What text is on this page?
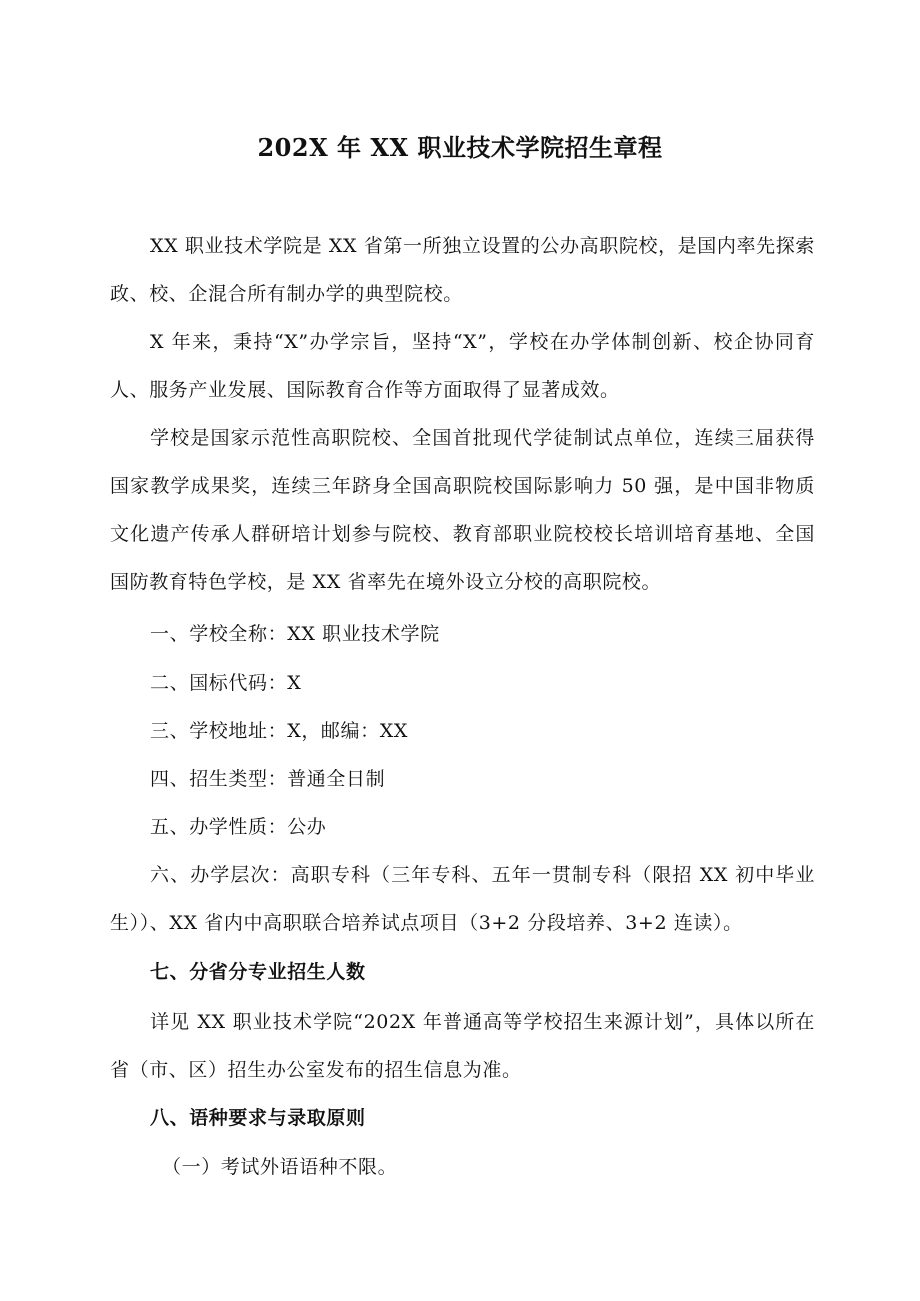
202X 年 XX 职业技术学院招生章程
XX 职业技术学院是 XX 省第一所独立设置的公办高职院校，是国内率先探索政、校、企混合所有制办学的典型院校。
X 年来，秉持“X”办学宗旨，坚持“X”，学校在办学体制创新、校企协同育人、服务产业发展、国际教育合作等方面取得了显著成效。
学校是国家示范性高职院校、全国首批现代学徒制试点单位，连续三届获得国家教学成果奖，连续三年跻身全国高职院校国际影响力 50 强，是中国非物质文化遗产传承人群研培计划参与院校、教育部职业院校校长培训培育基地、全国国防教育特色学校，是 XX 省率先在境外设立分校的高职院校。
一、学校全称：XX 职业技术学院
二、国标代码：X
三、学校地址：X，邮编：XX
四、招生类型：普通全日制
五、办学性质：公办
六、办学层次：高职专科（三年专科、五年一贯制专科（限招 XX 初中毕业生））、XX 省内中高职联合培养试点项目（3+2 分段培养、3+2 连读）。
七、分省分专业招生人数
详见 XX 职业技术学院“202X 年普通高等学校招生来源计划”，具体以所在省（市、区）招生办公室发布的招生信息为准。
八、语种要求与录取原则
（一）考试外语语种不限。
